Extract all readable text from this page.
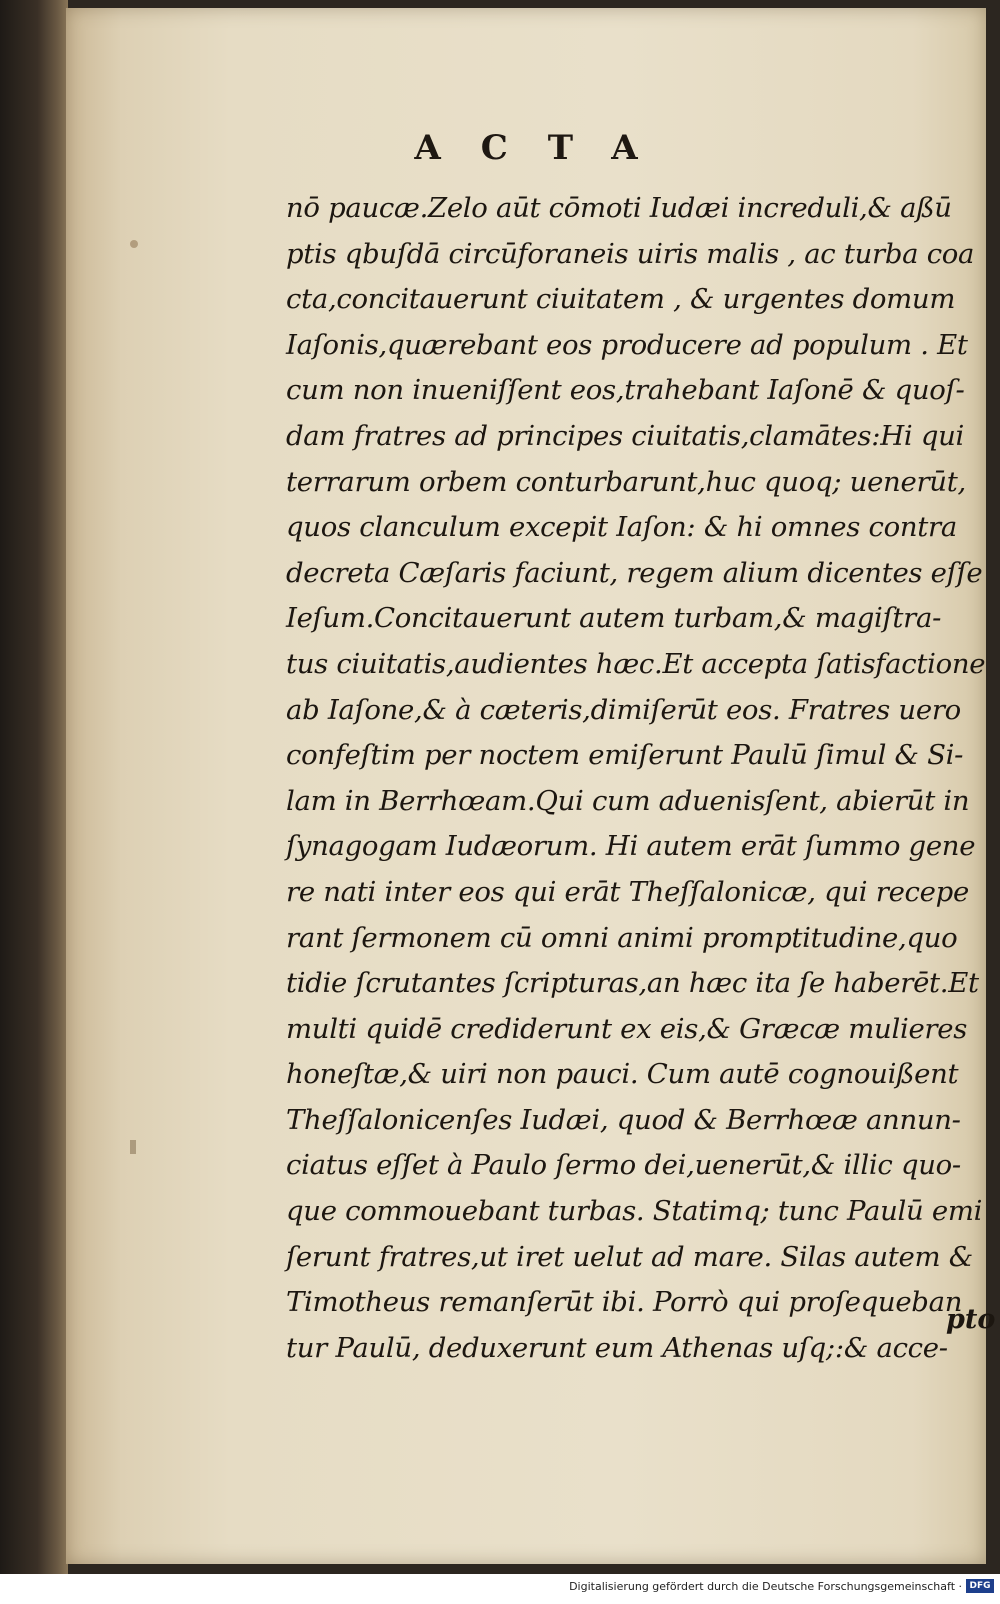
ACTA
nō paucæ.Zelo aūt cōmoti Iudæi increduli,& aßū
ptis qbuſdā circūforaneis uiris malis , ac turba coa
cta,concitauerunt ciuitatem , & urgentes domum
Iaſonis,quærebant eos producere ad populum . Et
cum non inueniſſent eos,trahebant Iaſonē & quoſ-
dam fratres ad principes ciuitatis,clamātes:Hi qui
terrarum orbem conturbarunt,huc quoq; uenerūt,
quos clanculum excepit Iaſon: & hi omnes contra
decreta Cæſaris faciunt, regem alium dicentes eſſe
Ieſum.Concitauerunt autem turbam,& magiſtra-
tus ciuitatis,audientes hæc.Et accepta ſatisfactione
ab Iaſone,& à cæteris,dimiſerūt eos. Fratres uero
confeſtim per noctem emiſerunt Paulū ſimul & Si-
lam in Berrhœam.Qui cum aduenisſent, abierūt in
ſynagogam Iudæorum. Hi autem erāt ſummo gene
re nati inter eos qui erāt Theſſalonicæ, qui recepe
rant ſermonem cū omni animi promptitudine,quo
tidie ſcrutantes ſcripturas,an hæc ita ſe haberēt.Et
multi quidē crediderunt ex eis,& Græcæ mulieres
honeſtæ,& uiri non pauci. Cum autē cognouißent
Theſſalonicenſes Iudæi, quod & Berrhœæ annun-
ciatus eſſet à Paulo ſermo dei,uenerūt,& illic quo-
que commouebant turbas. Statimq; tunc Paulū emi
ſerunt fratres,ut iret uelut ad mare. Silas autem &
Timotheus remanſerūt ibi. Porrò qui proſequeban
tur Paulū, deduxerunt eum Athenas uſq;:& acce-
pto
Digitalisierung gefördert durch die Deutsche Forschungsgemeinschaft · DFG
